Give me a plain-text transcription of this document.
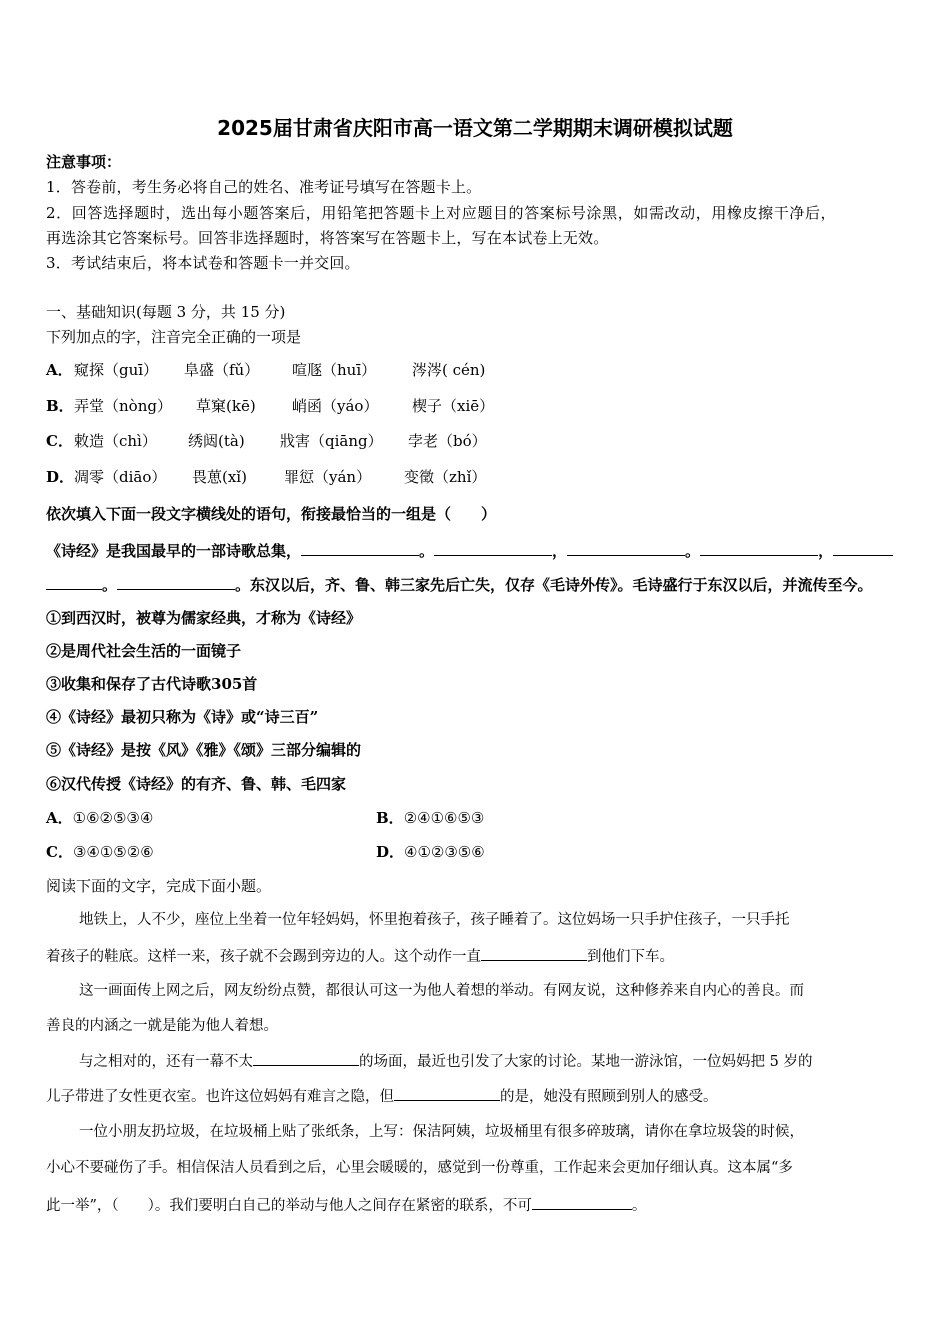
2025届甘肃省庆阳市高一语文第二学期期末调研模拟试题
注意事项：
1．答卷前，考生务必将自己的姓名、准考证号填写在答题卡上。
2．回答选择题时，选出每小题答案后，用铅笔把答题卡上对应题目的答案标号涂黑，如需改动，用橡皮擦干净后，
再选涂其它答案标号。回答非选择题时，将答案写在答题卡上，写在本试卷上无效。
3．考试结束后，将本试卷和答题卡一并交回。
一、基础知识(每题 3 分，共 15 分)
下列加点的字，注音完全正确的一项是
A． 窥探（guī） 阜盛（fǔ） 喧豗（huī） 涔涔( cén)
B． 弄堂（nòng） 草窠(kē) 峭函（yáo） 楔子（xiē）
C． 敕造（chì） 绣闼(tà) 戕害（qiāng） 孛老（bó）
D． 凋零（diāo） 畏葸(xǐ) 罪愆（yán） 变徵（zhǐ）
依次填入下面一段文字横线处的语句，衔接最恰当的一组是（　　）
《诗经》是我国最早的一部诗歌总集，	。	，	。	，
。	。东汉以后，齐、鲁、韩三家先后亡失，仅存《毛诗外传》。毛诗盛行于东汉以后，并流传至今。
①到西汉时，被尊为儒家经典，才称为《诗经》
②是周代社会生活的一面镜子
③收集和保存了古代诗歌305首
④《诗经》最初只称为《诗》或“诗三百”
⑤《诗经》是按《风》《雅》《颂》三部分编辑的
⑥汉代传授《诗经》的有齐、鲁、韩、毛四家
A．①⑥②⑤③④	B．②④①⑥⑤③
C．③④①⑤②⑥	D．④①②③⑤⑥
阅读下面的文字，完成下面小题。
地铁上，人不少，座位上坐着一位年轻妈妈，怀里抱着孩子，孩子睡着了。这位妈场一只手护住孩子，一只手托
着孩子的鞋底。这样一来，孩子就不会踢到旁边的人。这个动作一直	到他们下车。
这一画面传上网之后，网友纷纷点赞，都很认可这一为他人着想的举动。有网友说，这种修养来自内心的善良。而
善良的内涵之一就是能为他人着想。
与之相对的，还有一幕不太	的场面，最近也引发了大家的讨论。某地一游泳馆，一位妈妈把 5 岁的
儿子带进了女性更衣室。也许这位妈妈有难言之隐，但	的是，她没有照顾到别人的感受。
一位小朋友扔垃圾，在垃圾桶上贴了张纸条，上写：保洁阿姨，垃圾桶里有很多碎玻璃，请你在拿垃圾袋的时候，
小心不要碰伤了手。相信保洁人员看到之后，心里会暖暖的，感觉到一份尊重，工作起来会更加仔细认真。这本属“多
此一举”，（　　）。我们要明白自己的举动与他人之间存在紧密的联系，不可	。
